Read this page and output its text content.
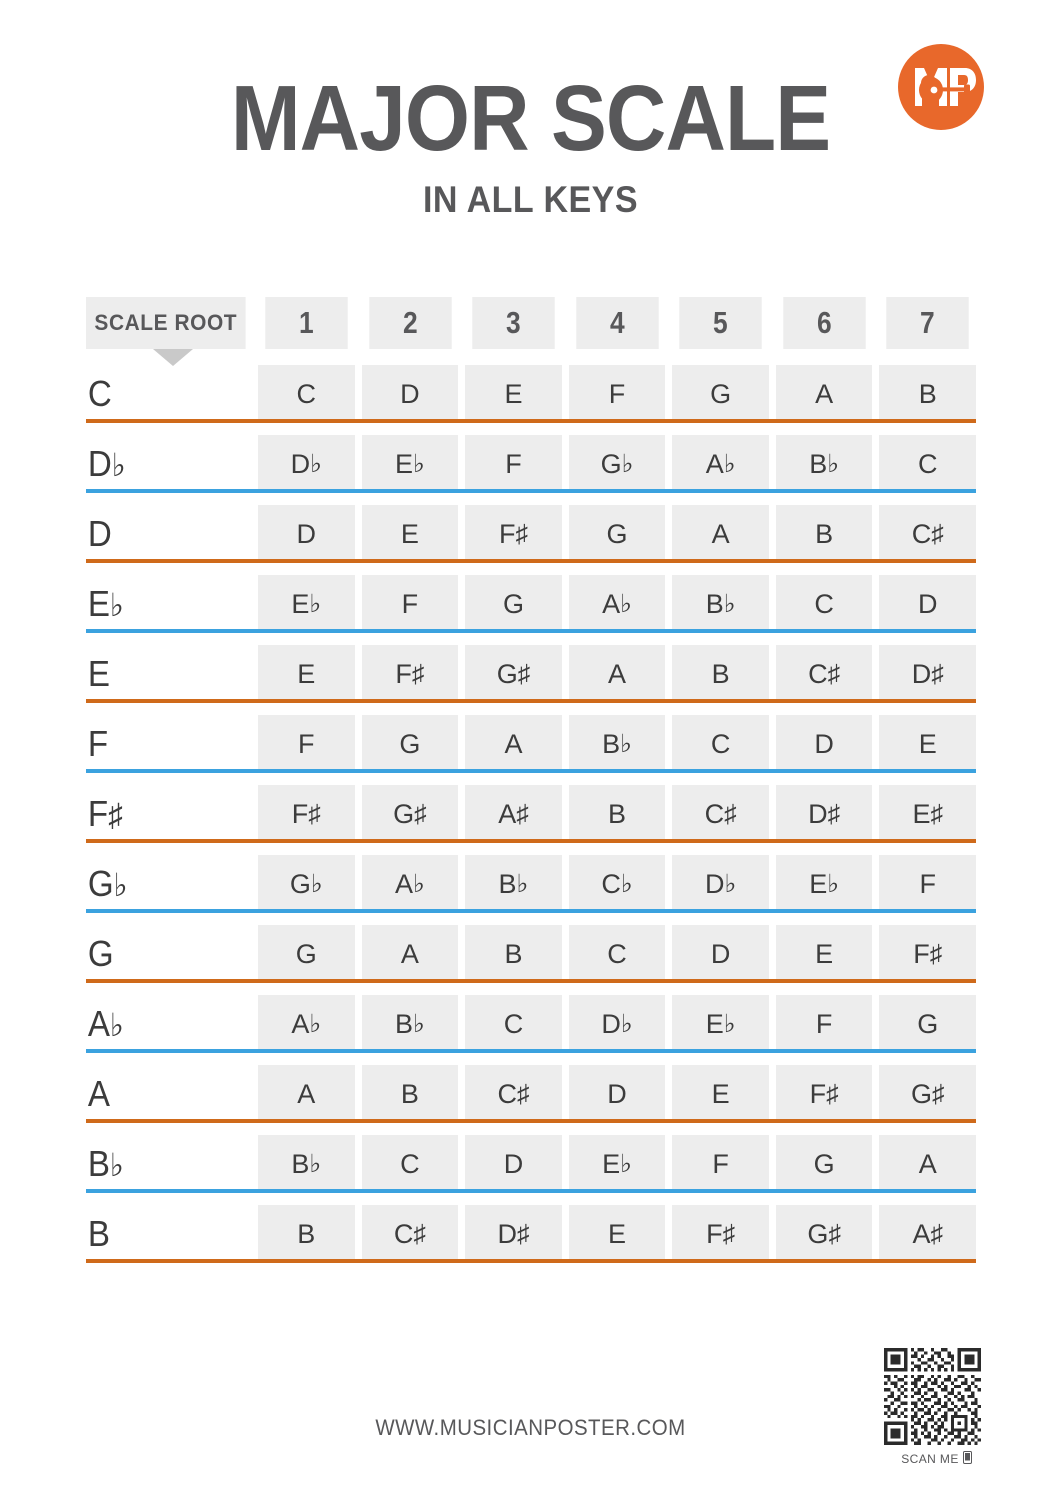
MAJOR SCALE
IN ALL KEYS
SCALE ROOT	1	2	3	4	5	6	7
C	C	D	E	F	G	A	B
D♭	D ♭	E ♭	F	G ♭	A ♭	B ♭	C
D	D	E	F ♯	G	A	B	C ♯
E♭	E ♭	F	G	A ♭	B ♭	C	D
E	E	F ♯	G ♯	A	B	C ♯	D ♯
F	F	G	A	B ♭	C	D	E
F♯	F ♯	G ♯	A ♯	B	C ♯	D ♯	E ♯
G♭	G ♭	A ♭	B ♭	C ♭	D ♭	E ♭	F
G	G	A	B	C	D	E	F ♯
A♭	A ♭	B ♭	C	D ♭	E ♭	F	G
A	A	B	C ♯	D	E	F ♯	G ♯
B♭	B ♭	C	D	E ♭	F	G	A
B	B	C ♯	D ♯	E	F ♯	G ♯	A ♯
WWW.MUSICIANPOSTER.COM
SCAN ME
